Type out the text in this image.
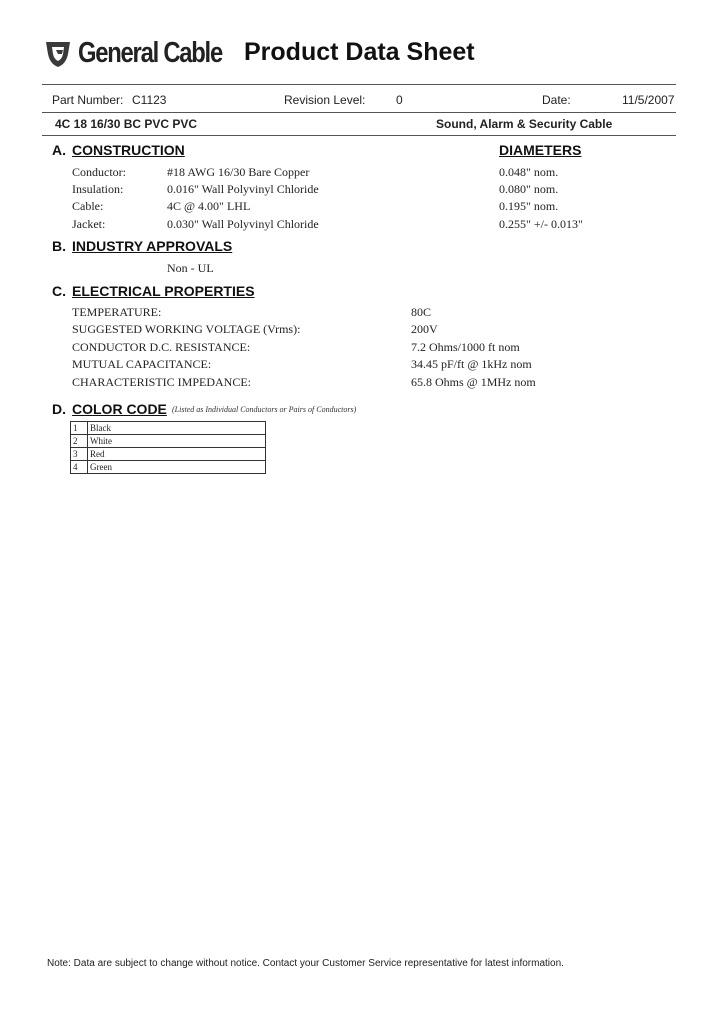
General Cable Product Data Sheet
Part Number: C1123	Revision Level:	0	Date:	11/5/2007
4C 18 16/30 BC PVC PVC	Sound, Alarm & Security Cable
A. CONSTRUCTION	DIAMETERS
Conductor:	#18 AWG 16/30 Bare Copper	0.048" nom.
Insulation:	0.016" Wall Polyvinyl Chloride	0.080" nom.
Cable:	4C @ 4.00" LHL	0.195" nom.
Jacket:	0.030" Wall Polyvinyl Chloride	0.255" +/- 0.013"
B. INDUSTRY APPROVALS
Non - UL
C. ELECTRICAL PROPERTIES
TEMPERATURE:	80C
SUGGESTED WORKING VOLTAGE (Vrms):	200V
CONDUCTOR D.C. RESISTANCE:	7.2 Ohms/1000 ft nom
MUTUAL CAPACITANCE:	34.45 pF/ft @ 1kHz nom
CHARACTERISTIC IMPEDANCE:	65.8 Ohms @ 1MHz nom
D. COLOR CODE (Listed as Individual Conductors or Pairs of Conductors)
1	Black
2	White
3	Red
4	Green
Note: Data are subject to change without notice. Contact your Customer Service representative for latest information.
